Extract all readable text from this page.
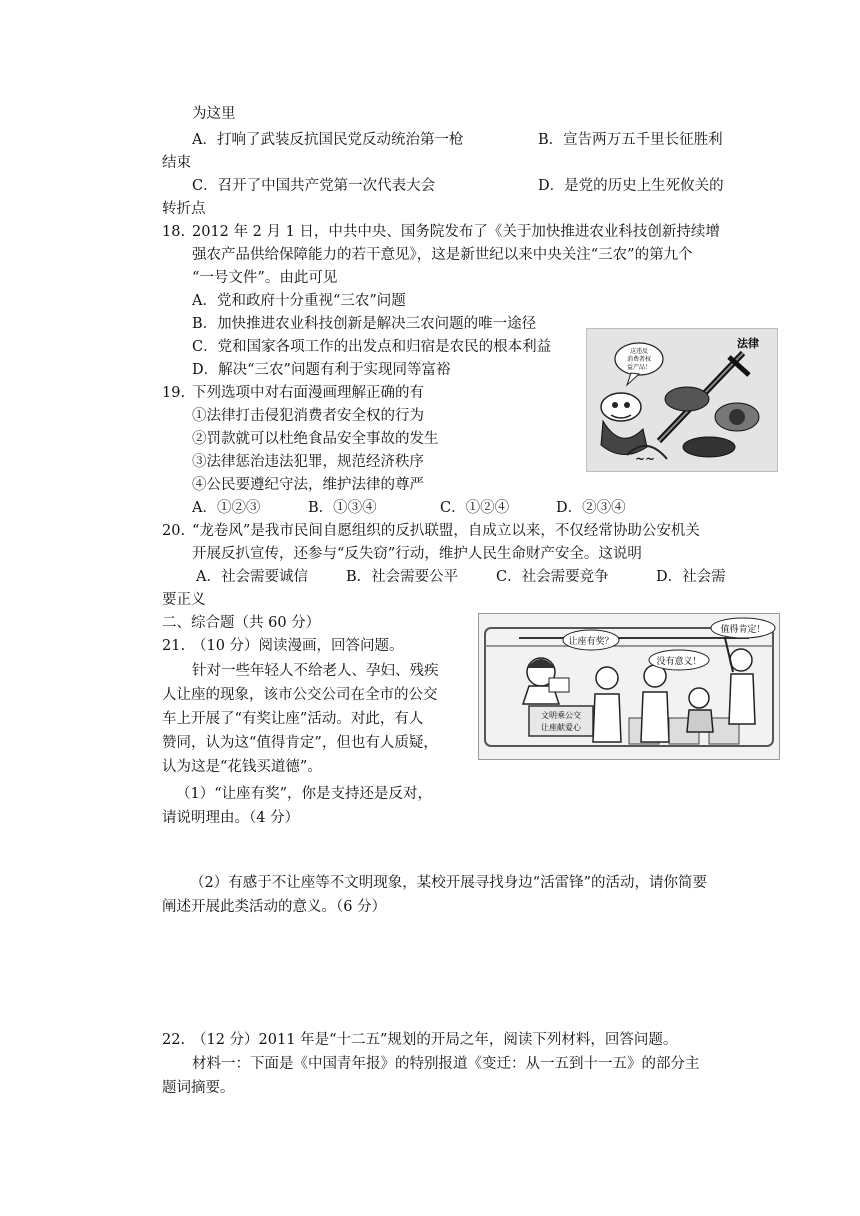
为这里
A．打响了武装反抗国民党反动统治第一枪	B．宣告两万五千里长征胜利
结束
C．召开了中国共产党第一次代表大会	D．是党的历史上生死攸关的
转折点
18. 2012 年 2 月 1 日，中共中央、国务院发布了《关于加快推进农业科技创新持续增
强农产品供给保障能力的若干意见》，这是新世纪以来中央关注“三农”的第九个
“一号文件”。由此可见
A．党和政府十分重视“三农”问题
B．加快推进农业科技创新是解决三农问题的唯一途径
C．党和国家各项工作的出发点和归宿是农民的根本利益
D．解决“三农”问题有利于实现同等富裕
这违反
消费者权
益产品！
法律
~~
19. 下列选项中对右面漫画理解正确的有
①法律打击侵犯消费者安全权的行为
②罚款就可以杜绝食品安全事故的发生
③法律惩治违法犯罪，规范经济秩序
④公民要遵纪守法，维护法律的尊严
A．①②③	B．①③④	C．①②④	D．②③④
20. “龙卷风”是我市民间自愿组织的反扒联盟，自成立以来，不仅经常协助公安机关
开展反扒宣传，还参与“反失窃”行动，维护人民生命财产安全。这说明
A．社会需要诚信	B．社会需要公平	C．社会需要竞争	D．社会需
要正义
二、综合题（共 60 分）
21. （10 分）阅读漫画，回答问题。
针对一些年轻人不给老人、孕妇、残疾
人让座的现象，该市公交公司在全市的公交
车上开展了“有奖让座”活动。对此，有人
赞同，认为这“值得肯定”，但也有人质疑，
认为这是“花钱买道德”。
（1）“让座有奖”，你是支持还是反对，
请说明理由。（4 分）
文明乘公交
让座献爱心
让座有奖？
没有意义！
值得肯定！
（2）有感于不让座等不文明现象，某校开展寻找身边“活雷锋”的活动，请你简要
阐述开展此类活动的意义。（6 分）
22. （12 分）2011 年是“十二五”规划的开局之年，阅读下列材料，回答问题。
材料一：下面是《中国青年报》的特别报道《变迁：从一五到十一五》的部分主
题词摘要。
